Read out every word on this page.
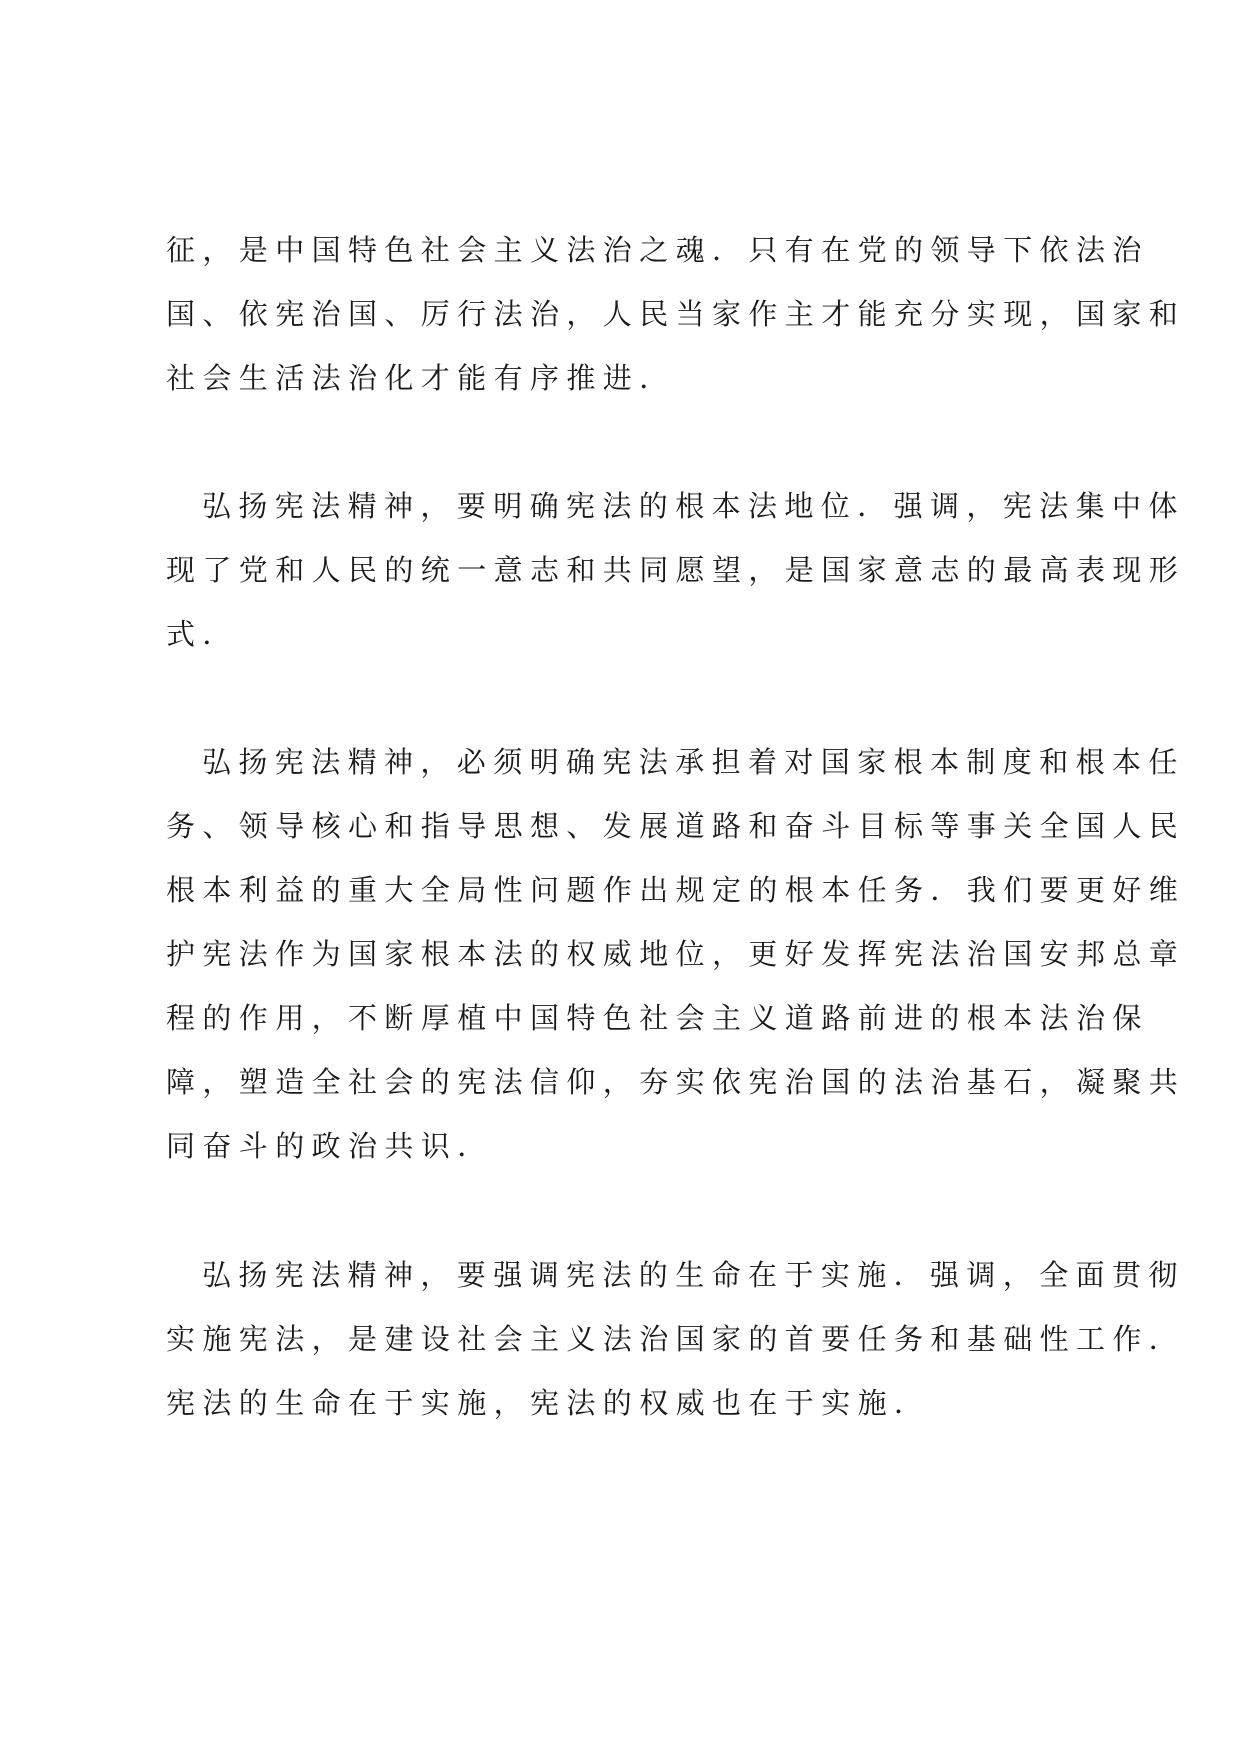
征，是中国特色社会主义法治之魂．只有在党的领导下依法治
国、依宪治国、厉行法治，人民当家作主才能充分实现，国家和
社会生活法治化才能有序推进．
弘扬宪法精神，要明确宪法的根本法地位．强调，宪法集中体
现了党和人民的统一意志和共同愿望，是国家意志的最高表现形
式．
弘扬宪法精神，必须明确宪法承担着对国家根本制度和根本任
务、领导核心和指导思想、发展道路和奋斗目标等事关全国人民
根本利益的重大全局性问题作出规定的根本任务．我们要更好维
护宪法作为国家根本法的权威地位，更好发挥宪法治国安邦总章
程的作用，不断厚植中国特色社会主义道路前进的根本法治保
障，塑造全社会的宪法信仰，夯实依宪治国的法治基石，凝聚共
同奋斗的政治共识．
弘扬宪法精神，要强调宪法的生命在于实施．强调，全面贯彻
实施宪法，是建设社会主义法治国家的首要任务和基础性工作．
宪法的生命在于实施，宪法的权威也在于实施．
